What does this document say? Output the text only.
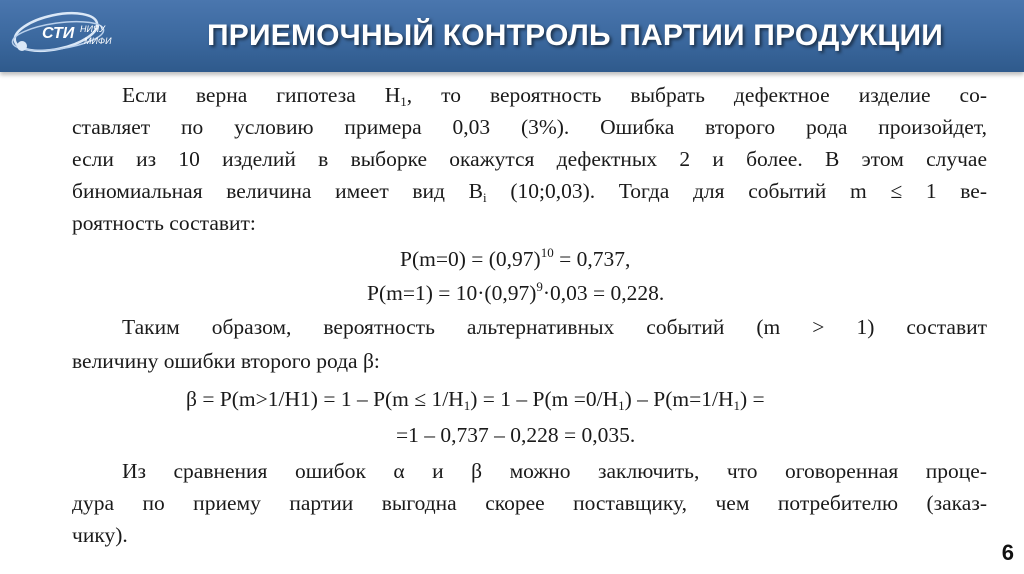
СТИ НИЯУ
МИФИ	ПРИЕМОЧНЫЙ КОНТРОЛЬ ПАРТИИ ПРОДУКЦИИ
Если верна гипотеза $H_1$, то вероятность выбрать дефектное изделие со-
ставляет по условию примера 0,03 (3%). Ошибка второго рода произойдет,
если из 10 изделий в выборке окажутся дефектных 2 и более. В этом случае
биномиальная величина имеет вид $B_i$ (10;0,03). Тогда для событий m ≤ 1 ве-
роятность составит:
$P(m=0) = (0,97)^{10} = 0,737$,
$P(m=1) = 10\cdot(0,97)^9\cdot 0,03 = 0,228$.
Таким образом, вероятность альтернативных событий (m > 1) составит
величину ошибки второго рода β:
$\beta = P(m>1/H1) = 1 - P(m \le 1/H_1) = 1 - P(m =0/H_1) - P(m=1/H_1)$ =
=1 – 0,737 – 0,228 = 0,035.
Из сравнения ошибок α и β можно заключить, что оговоренная проце-
дура по приему партии выгодна скорее поставщику, чем потребителю (заказ-
чику).
6
